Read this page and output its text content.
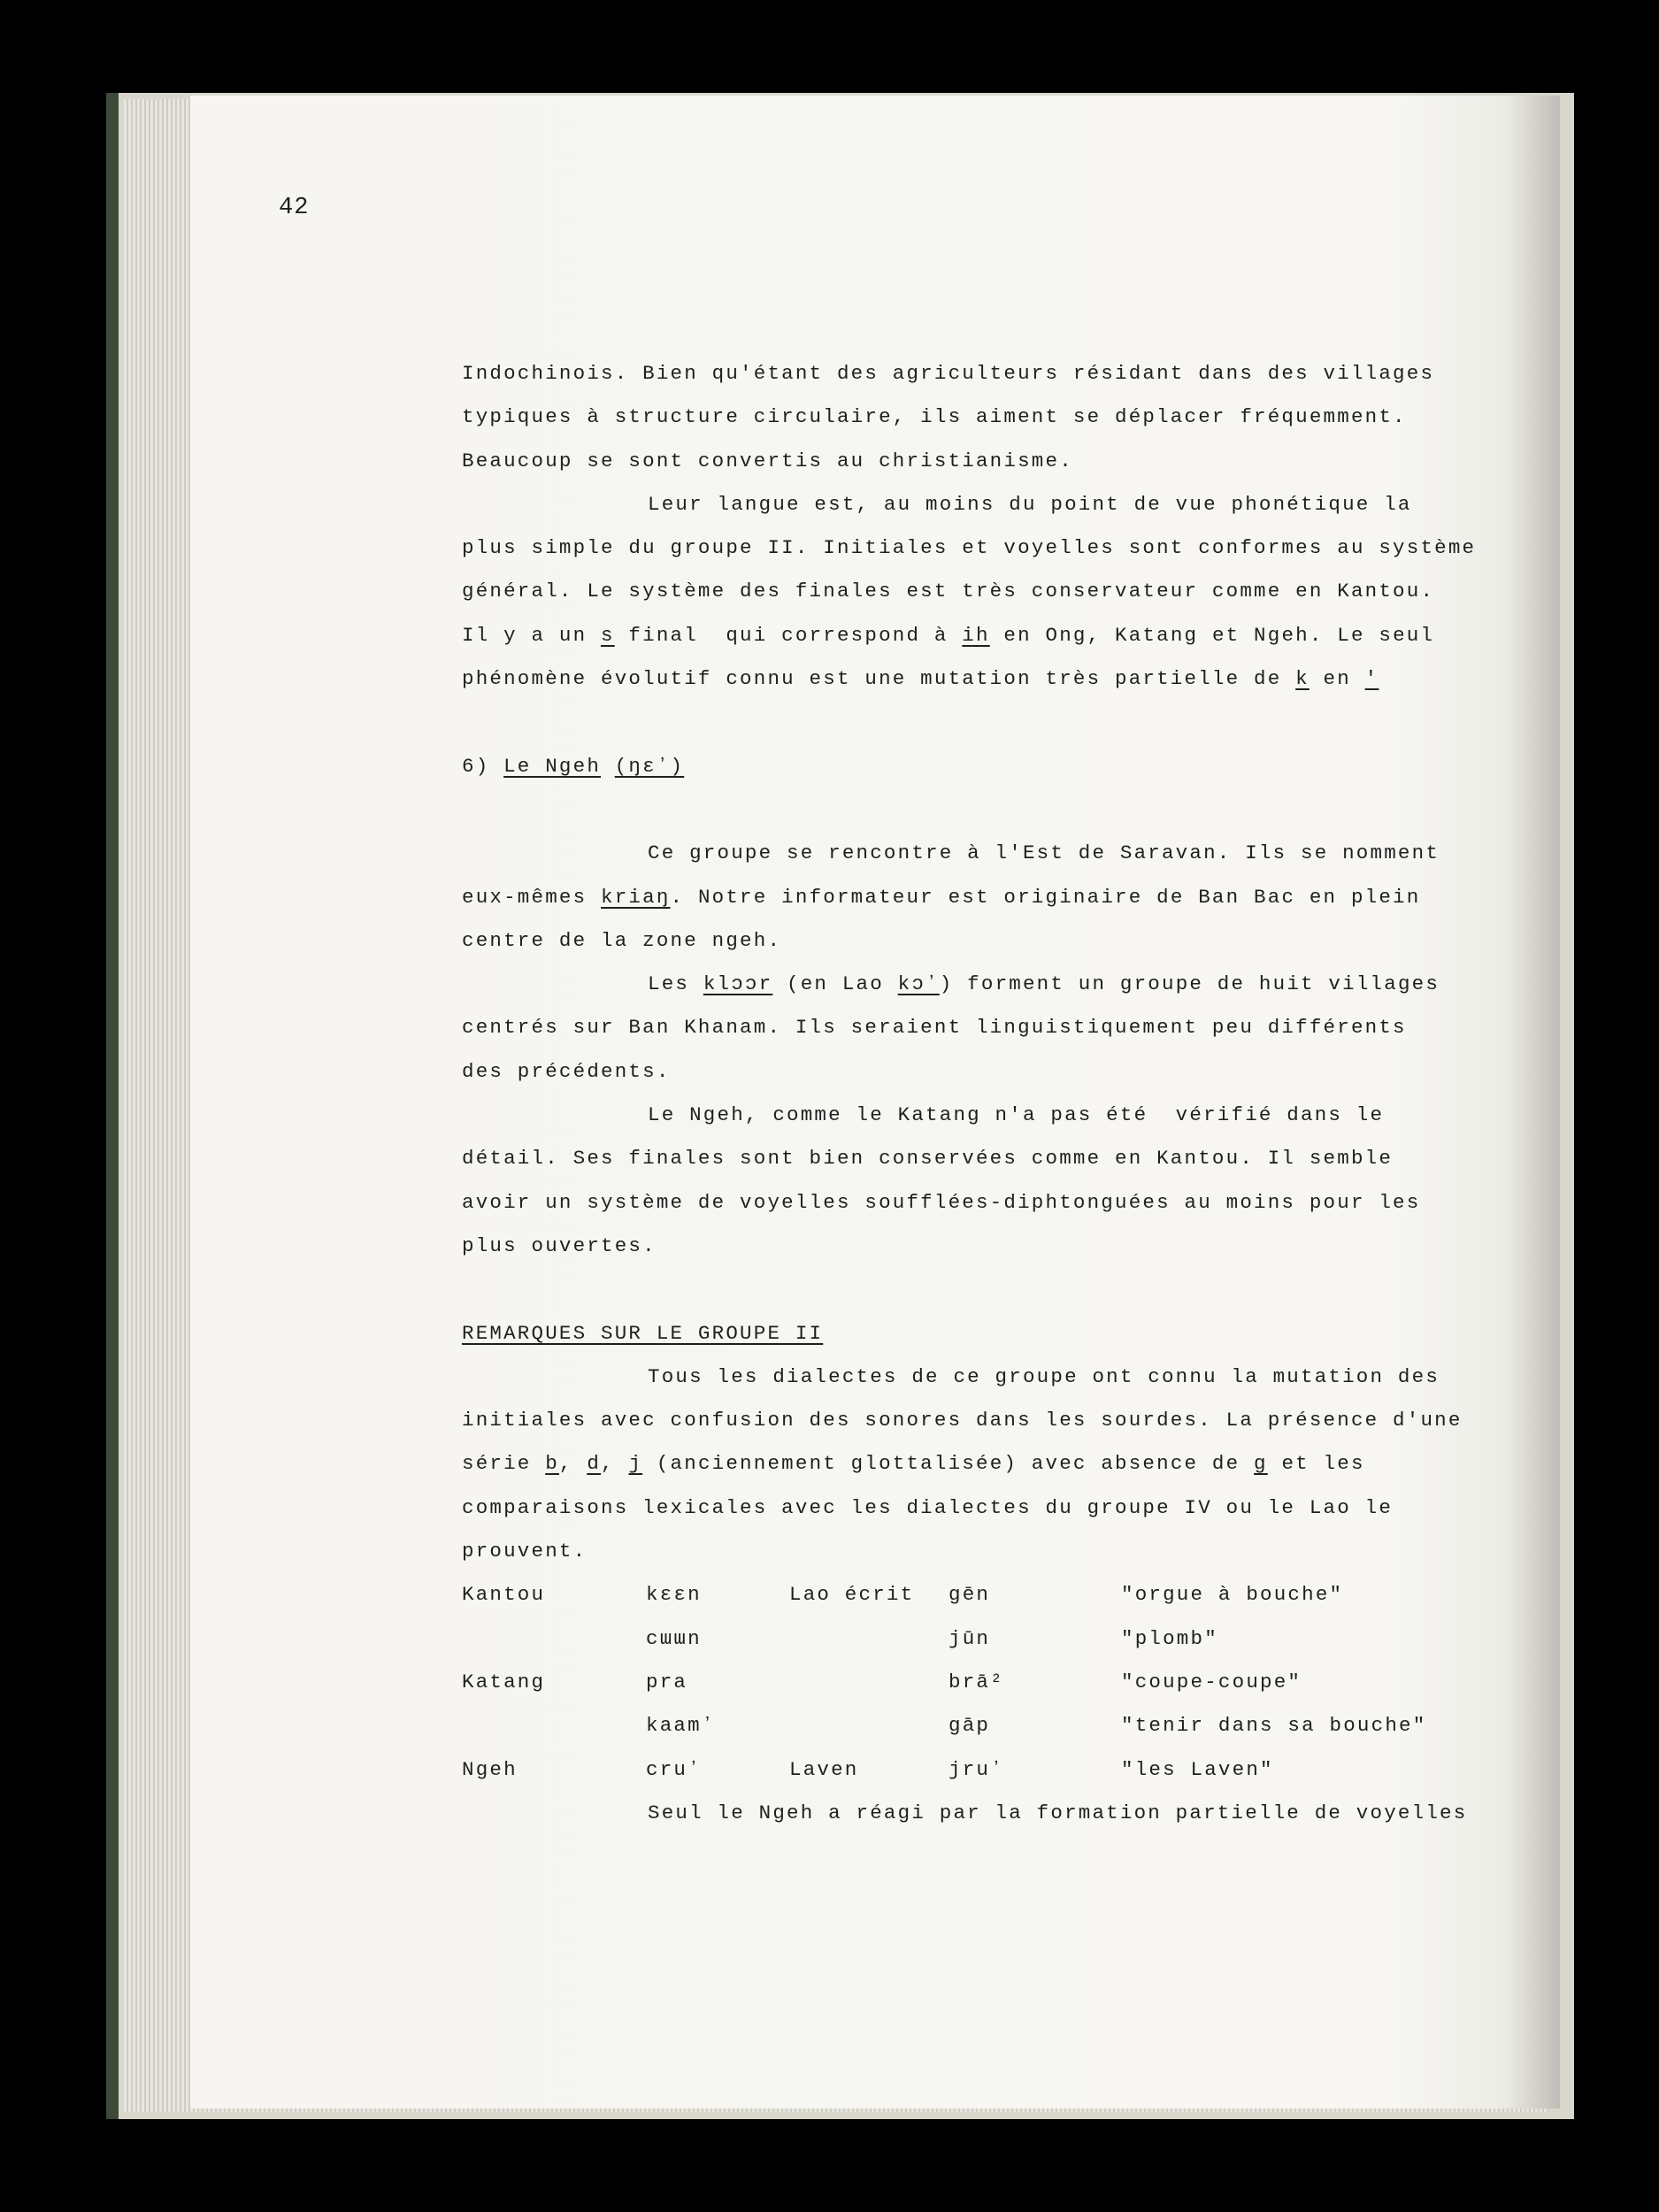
42
Indochinois. Bien qu'étant des agriculteurs résidant dans des villages
typiques à structure circulaire, ils aiment se déplacer fréquemment.
Beaucoup se sont convertis au christianisme.
Leur langue est, au moins du point de vue phonétique la
plus simple du groupe II. Initiales et voyelles sont conformes au système
général. Le système des finales est très conservateur comme en Kantou.
Il y a un s final  qui correspond à ih en Ong, Katang et Ngeh. Le seul
phénomène évolutif connu est une mutation très partielle de k en '
6) Le Ngeh (ŋɛʼ)
Ce groupe se rencontre à l'Est de Saravan. Ils se nomment
eux-mêmes kriaŋ. Notre informateur est originaire de Ban Bac en plein
centre de la zone ngeh.
Les klɔɔr (en Lao kɔʼ) forment un groupe de huit villages
centrés sur Ban Khanam. Ils seraient linguistiquement peu différents
des précédents.
Le Ngeh, comme le Katang n'a pas été  vérifié dans le
détail. Ses finales sont bien conservées comme en Kantou. Il semble
avoir un système de voyelles soufflées-diphtonguées au moins pour les
plus ouvertes.
REMARQUES SUR LE GROUPE II
Tous les dialectes de ce groupe ont connu la mutation des
initiales avec confusion des sonores dans les sourdes. La présence d'une
série b, d, j (anciennement glottalisée) avec absence de g et les
comparaisons lexicales avec les dialectes du groupe IV ou le Lao le
prouvent.
Kantou	kɛɛn	Lao écrit	gēn	"orgue à bouche"
	cɯɯn		jūn	"plomb"
Katang	pra		brā²	"coupe-coupe"
	kaamʼ		gāp	"tenir dans sa bouche"
Ngeh	cruʼ	Laven	jruʼ	"les Laven"
Seul le Ngeh a réagi par la formation partielle de voyelles
